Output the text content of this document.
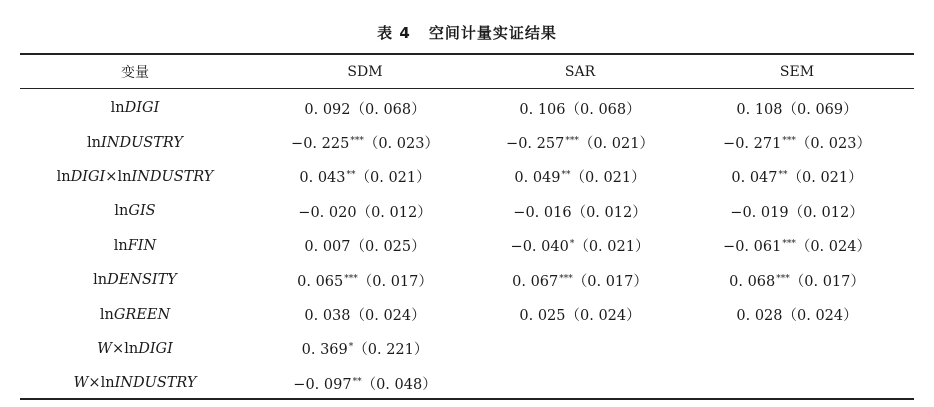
表 4 空间计量实证结果
变量	SDM	SAR	SEM
lnDIGI	0. 092（0. 068）	0. 106（0. 068）	0. 108（0. 069）
lnINDUSTRY	−0. 225***（0. 023）	−0. 257***（0. 021）	−0. 271***（0. 023）
lnDIGI×lnINDUSTRY	0. 043**（0. 021）	0. 049**（0. 021）	0. 047**（0. 021）
lnGIS	−0. 020（0. 012）	−0. 016（0. 012）	−0. 019（0. 012）
lnFIN	0. 007（0. 025）	−0. 040*（0. 021）	−0. 061***（0. 024）
lnDENSITY	0. 065***（0. 017）	0. 067***（0. 017）	0. 068***（0. 017）
lnGREEN	0. 038（0. 024）	0. 025（0. 024）	0. 028（0. 024）
W×lnDIGI	0. 369*（0. 221）		
W×lnINDUSTRY	−0. 097**（0. 048）		
